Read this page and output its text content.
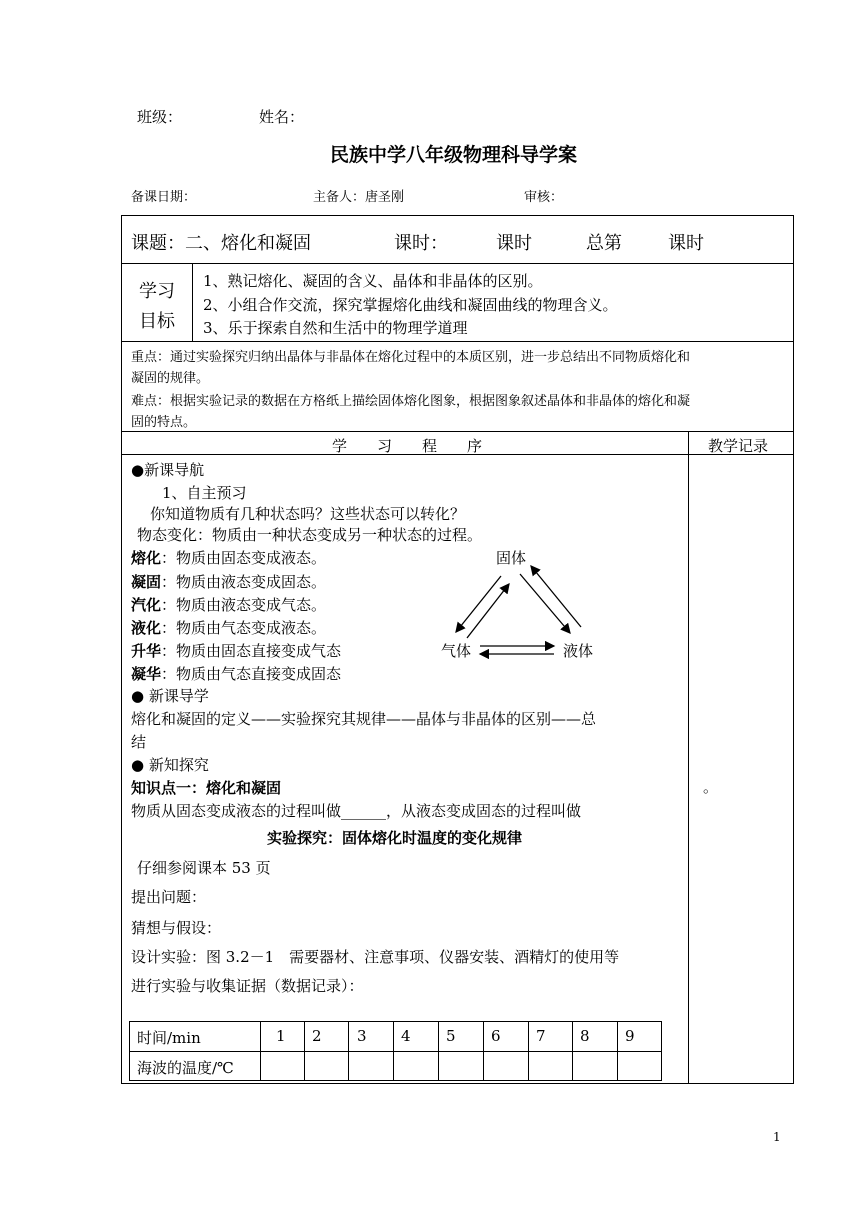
班级：	姓名：
民族中学八年级物理科导学案
备课日期：	主备人：唐圣刚	审核：
课题：二、熔化和凝固	课时：	课时	总第	课时
学习
目标
1、熟记熔化、凝固的含义、晶体和非晶体的区别。
2、小组合作交流，探究掌握熔化曲线和凝固曲线的物理含义。
3、乐于探索自然和生活中的物理学道理
重点：通过实验探究归纳出晶体与非晶体在熔化过程中的本质区别，进一步总结出不同物质熔化和
凝固的规律。
难点：根据实验记录的数据在方格纸上描绘固体熔化图象，根据图象叙述晶体和非晶体的熔化和凝
固的特点。
学　　习　　程　　序	教学记录
●新课导航
1、自主预习
你知道物质有几种状态吗？这些状态可以转化？
物态变化：物质由一种状态变成另一种状态的过程。
熔化：物质由固态变成液态。
凝固：物质由液态变成固态。
汽化：物质由液态变成气态。
液化：物质由气态变成液态。
升华：物质由固态直接变成气态
凝华：物质由气态直接变成固态
固体
气体	液体
● 新课导学
熔化和凝固的定义——实验探究其规律——晶体与非晶体的区别——总
结
● 新知探究
知识点一：熔化和凝固
物质从固态变成液态的过程叫做______，从液态变成固态的过程叫做
实验探究：固体熔化时温度的变化规律
仔细参阅课本 53 页
提出问题：
猜想与假设：
设计实验：图 3.2－1　需要器材、注意事项、仪器安装、酒精灯的使用等
进行实验与收集证据（数据记录）：
。
时间/min	1 2 3 4 5 6 7 8 9
海波的温度/℃
1
